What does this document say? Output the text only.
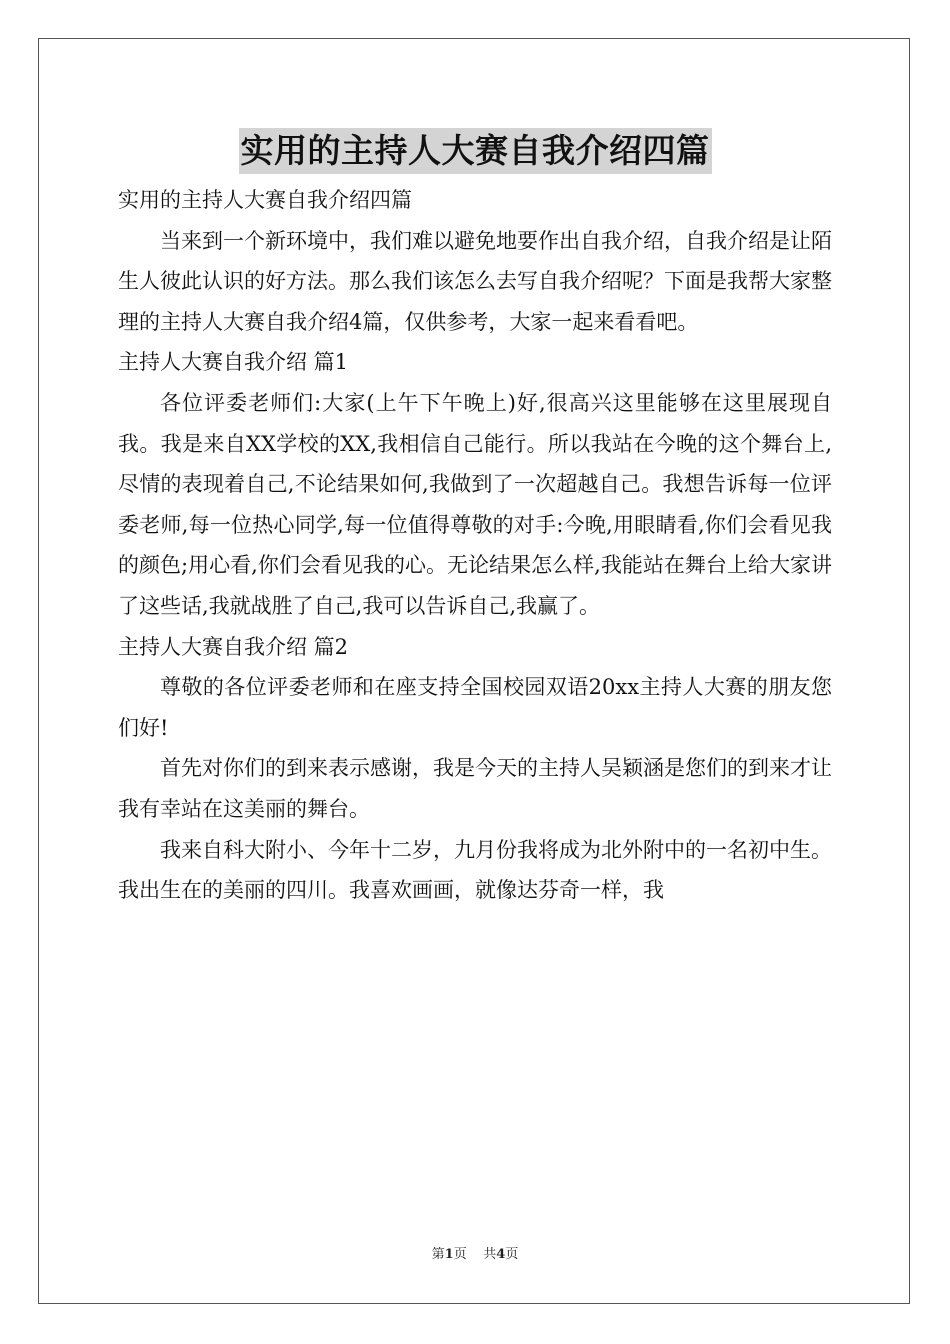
实用的主持人大赛自我介绍四篇

实用的主持人大赛自我介绍四篇

当来到一个新环境中，我们难以避免地要作出自我介绍，自我介绍是让陌生人彼此认识的好方法。那么我们该怎么去写自我介绍呢？下面是我帮大家整理的主持人大赛自我介绍4篇，仅供参考，大家一起来看看吧。

主持人大赛自我介绍 篇1

各位评委老师们:大家(上午下午晚上)好,很高兴这里能够在这里展现自我。我是来自XX学校的XX,我相信自己能行。所以我站在今晚的这个舞台上,尽情的表现着自己,不论结果如何,我做到了一次超越自己。我想告诉每一位评委老师,每一位热心同学,每一位值得尊敬的对手:今晚,用眼睛看,你们会看见我的颜色;用心看,你们会看见我的心。无论结果怎么样,我能站在舞台上给大家讲了这些话,我就战胜了自己,我可以告诉自己,我赢了。

主持人大赛自我介绍 篇2

尊敬的各位评委老师和在座支持全国校园双语20xx主持人大赛的朋友您们好!

首先对你们的到来表示感谢，我是今天的主持人吴颖涵是您们的到来才让我有幸站在这美丽的舞台。

我来自科大附小、今年十二岁，九月份我将成为北外附中的一名初中生。我出生在的美丽的四川。我喜欢画画，就像达芬奇一样，我

第1页 共4页
